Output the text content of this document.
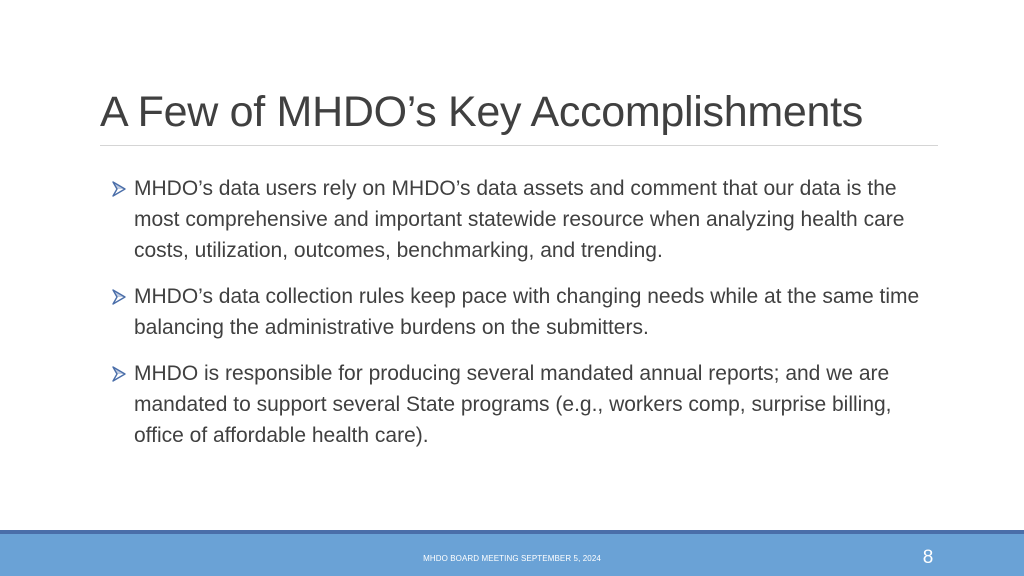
A Few of MHDO’s Key Accomplishments
MHDO’s data users rely on MHDO’s data assets and comment that our data is the most comprehensive and important statewide resource when analyzing health care costs, utilization, outcomes, benchmarking, and trending.
MHDO’s data collection rules keep pace with changing needs while at the same time balancing the administrative burdens on the submitters.
MHDO is responsible for producing several mandated annual reports; and we are mandated to support several State programs (e.g., workers comp, surprise billing, office of affordable health care).
MHDO BOARD MEETING SEPTEMBER 5, 2024	8
